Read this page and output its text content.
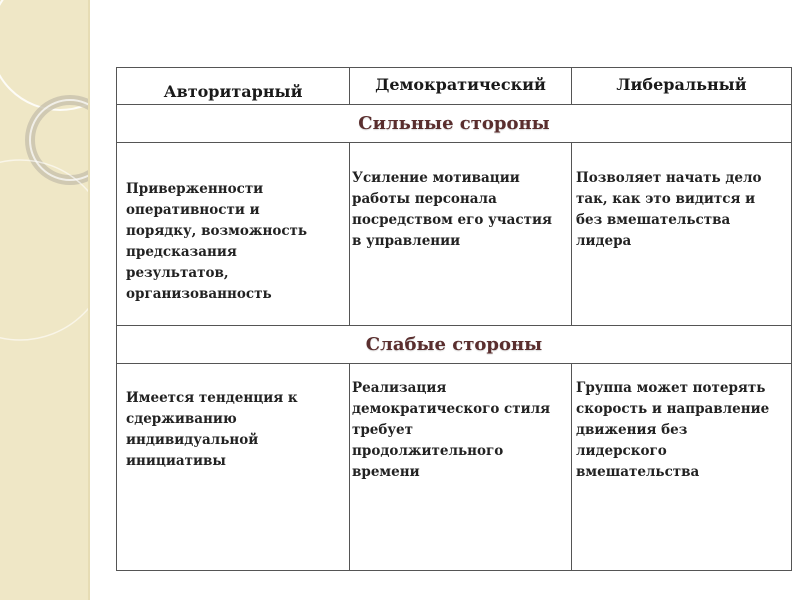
Авторитарный	Демократический	Либеральный
Сильные стороны
Приверженности
оперативности и
порядку, возможность
предсказания
результатов,
организованность
Усиление мотивации
работы персонала
посредством его участия
в управлении
Позволяет начать дело
так, как это видится и
без вмешательства
лидера
Слабые стороны
Имеется тенденция к
сдерживанию
индивидуальной
инициативы
Реализация
демократического стиля
требует
продолжительного
времени
Группа может потерять
скорость и направление
движения без
лидерского
вмешательства
